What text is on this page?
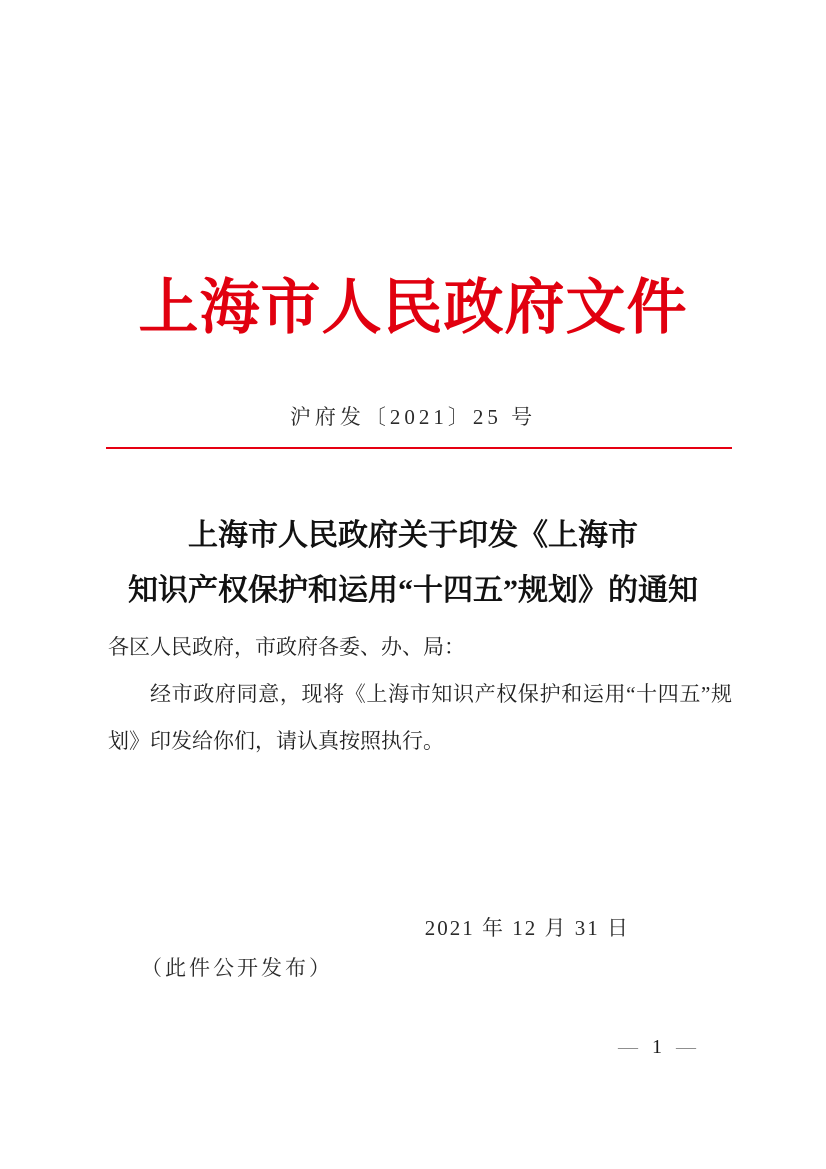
上海市人民政府文件
沪府发〔2021〕25 号
上海市人民政府关于印发《上海市
知识产权保护和运用“十四五”规划》的通知

各区人民政府，市政府各委、办、局：

经市政府同意，现将《上海市知识产权保护和运用“十四五”规划》印发给你们，请认真按照执行。

2021 年 12 月 31 日
（此件公开发布）
— 1 —
